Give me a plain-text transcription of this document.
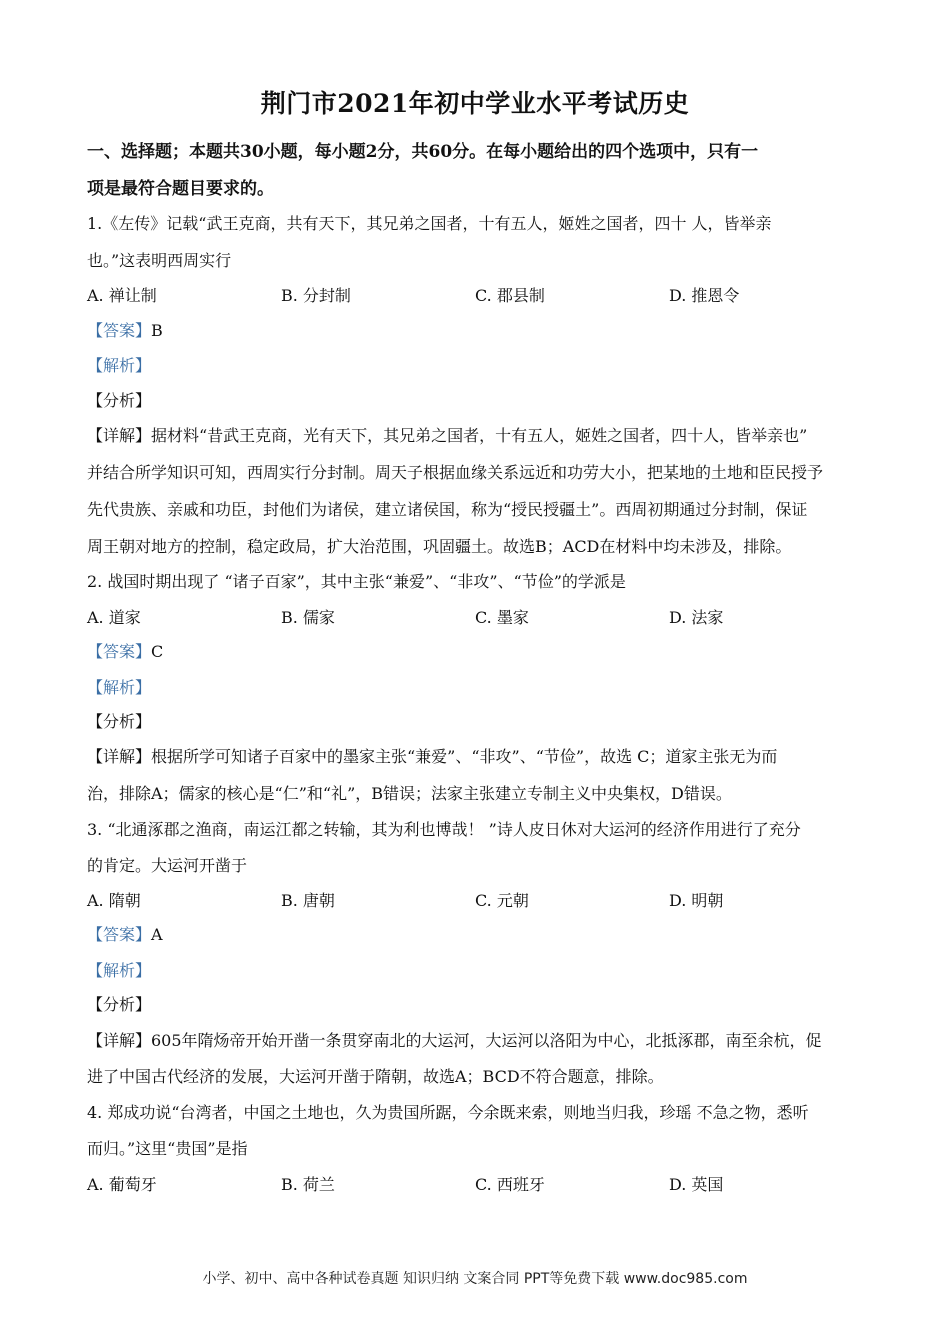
荆门市2021年初中学业水平考试历史
一、选择题；本题共30小题，每小题2分，共60分。在每小题给出的四个选项中，只有一
项是最符合题目要求的。
1.《左传》记载“武王克商，共有天下，其兄弟之国者，十有五人，姬姓之国者，四十 人，皆举亲
也。”这表明西周实行
A. 禅让制	B. 分封制	C. 郡县制	D. 推恩令
【答案】B
【解析】
【分析】
【详解】据材料“昔武王克商，光有天下，其兄弟之国者，十有五人，姬姓之国者，四十人，皆举亲也”
并结合所学知识可知，西周实行分封制。周天子根据血缘关系远近和功劳大小，把某地的土地和臣民授予
先代贵族、亲戚和功臣，封他们为诸侯，建立诸侯国，称为“授民授疆土”。西周初期通过分封制，保证
周王朝对地方的控制，稳定政局，扩大治范围，巩固疆土。故选B；ACD在材料中均未涉及，排除。
2. 战国时期出现了 “诸子百家”，其中主张“兼爱”、“非攻”、“节俭”的学派是
A. 道家	B. 儒家	C. 墨家	D. 法家
【答案】C
【解析】
【分析】
【详解】根据所学可知诸子百家中的墨家主张“兼爱”、“非攻”、“节俭”，故选 C；道家主张无为而
治，排除A；儒家的核心是“仁”和“礼”，B错误；法家主张建立专制主义中央集权，D错误。
3. “北通涿郡之渔商，南运江都之转输，其为利也博哉！ ”诗人皮日休对大运河的经济作用进行了充分
的肯定。大运河开凿于
A. 隋朝	B. 唐朝	C. 元朝	D. 明朝
【答案】A
【解析】
【分析】
【详解】605年隋炀帝开始开凿一条贯穿南北的大运河，大运河以洛阳为中心，北抵涿郡，南至余杭，促
进了中国古代经济的发展，大运河开凿于隋朝，故选A；BCD不符合题意，排除。
4. 郑成功说“台湾者，中国之土地也，久为贵国所踞，今余既来索，则地当归我，珍瑶 不急之物，悉听
而归。”这里“贵国”是指
A. 葡萄牙	B. 荷兰	C. 西班牙	D. 英国
小学、初中、高中各种试卷真题 知识归纳 文案合同 PPT等免费下载 www.doc985.com
